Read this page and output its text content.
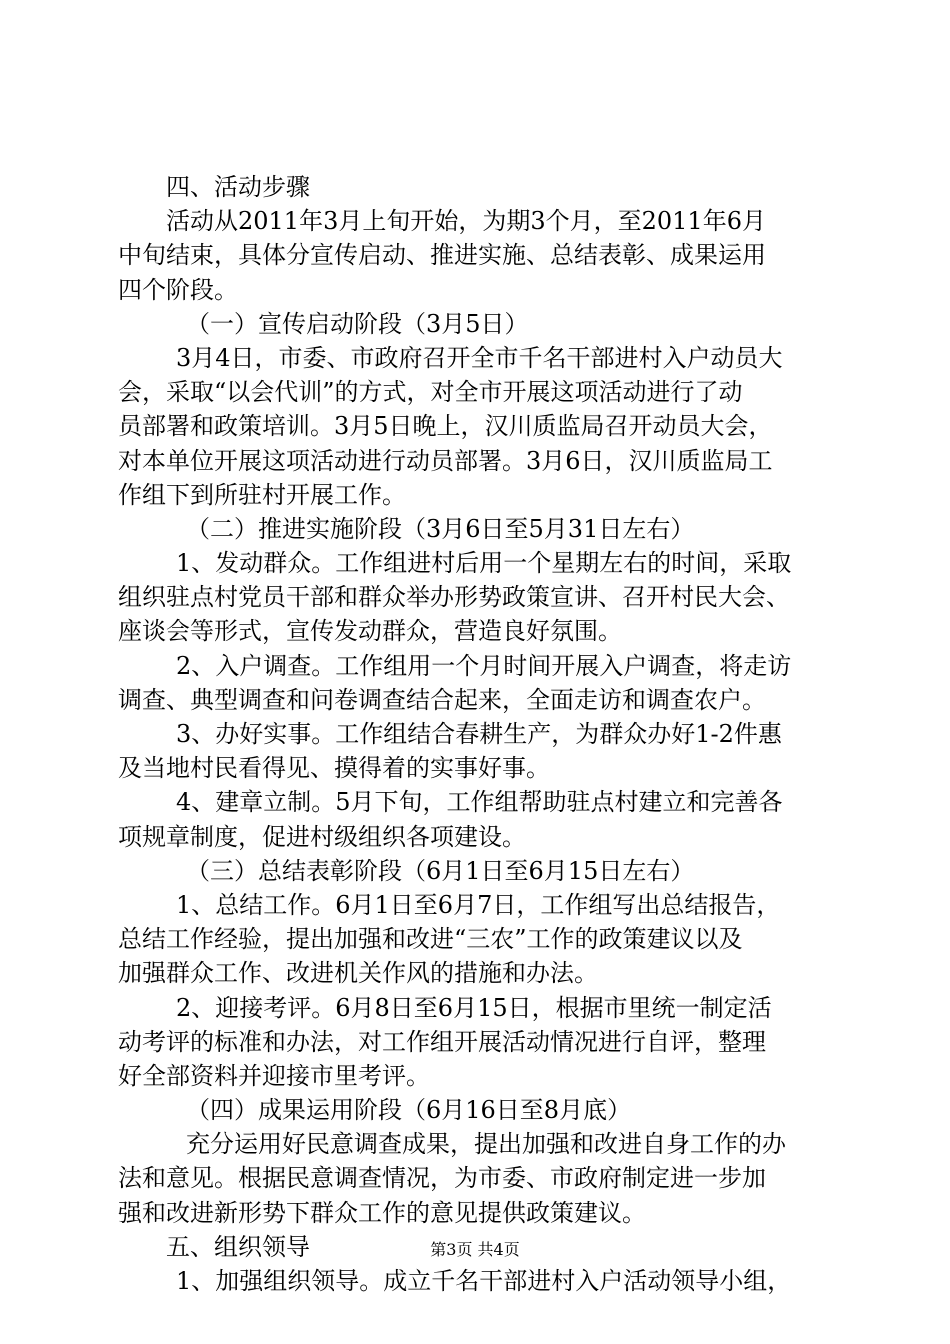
四、活动步骤
活动从2011年3月上旬开始，为期3个月，至2011年6月
中旬结束，具体分宣传启动、推进实施、总结表彰、成果运用
四个阶段。
（一）宣传启动阶段（3月5日）
3月4日，市委、市政府召开全市千名干部进村入户动员大
会，采取“以会代训”的方式，对全市开展这项活动进行了动
员部署和政策培训。3月5日晚上，汉川质监局召开动员大会，
对本单位开展这项活动进行动员部署。3月6日，汉川质监局工
作组下到所驻村开展工作。
（二）推进实施阶段（3月6日至5月31日左右）
1、发动群众。工作组进村后用一个星期左右的时间，采取
组织驻点村党员干部和群众举办形势政策宣讲、召开村民大会、
座谈会等形式，宣传发动群众，营造良好氛围。
2、入户调查。工作组用一个月时间开展入户调查，将走访
调查、典型调查和问卷调查结合起来，全面走访和调查农户。
3、办好实事。工作组结合春耕生产，为群众办好1-2件惠
及当地村民看得见、摸得着的实事好事。
4、建章立制。5月下旬，工作组帮助驻点村建立和完善各
项规章制度，促进村级组织各项建设。
（三）总结表彰阶段（6月1日至6月15日左右）
1、总结工作。6月1日至6月7日，工作组写出总结报告，
总结工作经验，提出加强和改进“三农”工作的政策建议以及
加强群众工作、改进机关作风的措施和办法。
2、迎接考评。6月8日至6月15日，根据市里统一制定活
动考评的标准和办法，对工作组开展活动情况进行自评，整理
好全部资料并迎接市里考评。
（四）成果运用阶段（6月16日至8月底）
充分运用好民意调查成果，提出加强和改进自身工作的办
法和意见。根据民意调查情况，为市委、市政府制定进一步加
强和改进新形势下群众工作的意见提供政策建议。
五、组织领导
1、加强组织领导。成立千名干部进村入户活动领导小组，
第3页 共4页
